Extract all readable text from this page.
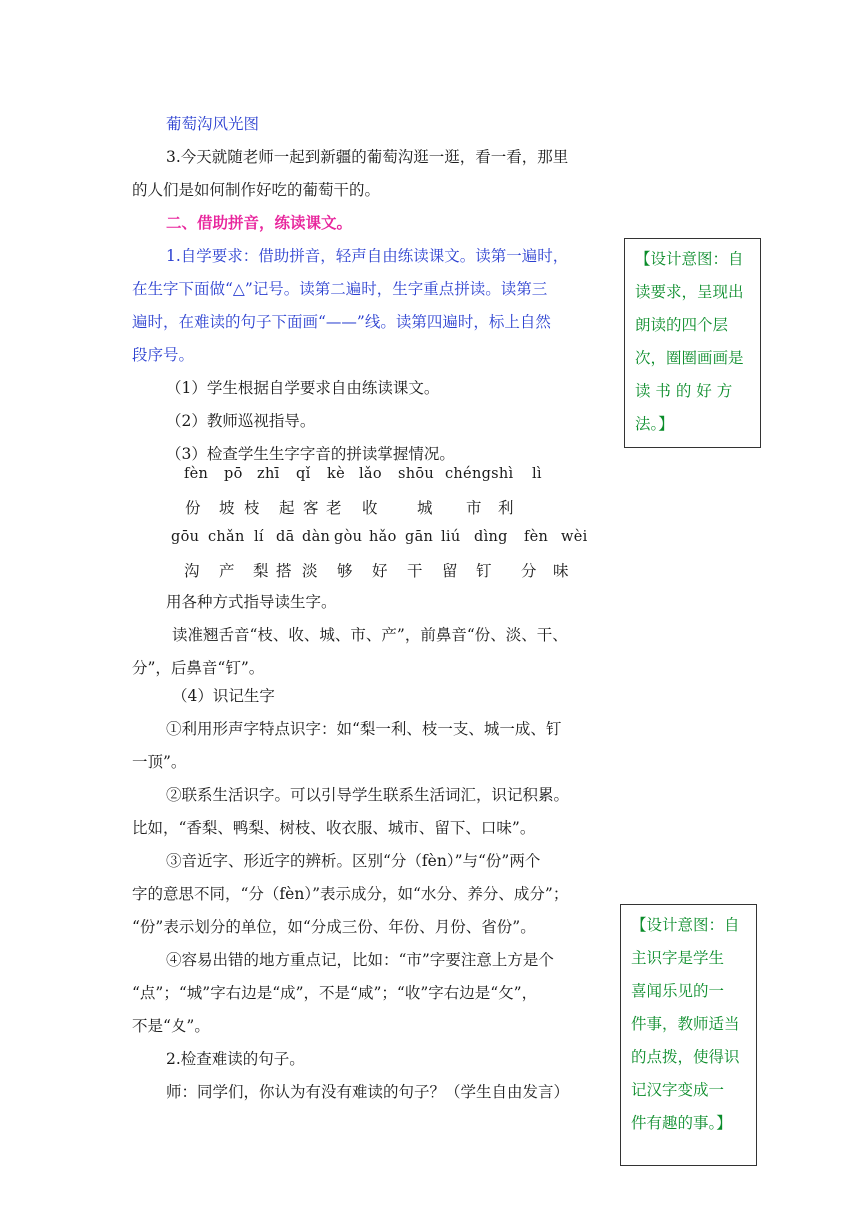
葡萄沟风光图
3.今天就随老师一起到新疆的葡萄沟逛一逛，看一看，那里
的人们是如何制作好吃的葡萄干的。
二、借助拼音，练读课文。
1.自学要求：借助拼音，轻声自由练读课文。读第一遍时，
在生字下面做“△”记号。读第二遍时，生字重点拼读。读第三
遍时，在难读的句子下面画“——”线。读第四遍时，标上自然
段序号。
（1）学生根据自学要求自由练读课文。
（2）教师巡视指导。
（3）检查学生生字字音的拼读掌握情况。
fèn pō zhī qǐ kè lǎo shōu chéngshì lì
份 坡 枝 起 客 老 收	城 市 利
gōu chǎn lí dā dàn gòu hǎo gān liú dìng fèn wèi
沟 产 梨 搭 淡 够 好 干 留 钉 分 味
用各种方式指导读生字。
读准翘舌音“枝、收、城、市、产”，前鼻音“份、淡、干、
分”，后鼻音“钉”。
（4）识记生字
①利用形声字特点识字：如“梨一利、枝一支、城一成、钉
一顶”。
②联系生活识字。可以引导学生联系生活词汇，识记积累。
比如，“香梨、鸭梨、树枝、收衣服、城市、留下、口味”。
③音近字、形近字的辨析。区别“分（fèn）”与“份”两个
字的意思不同，“分（fèn）”表示成分，如“水分、养分、成分”；
“份”表示划分的单位，如“分成三份、年份、月份、省份”。
④容易出错的地方重点记，比如：“市”字要注意上方是个
“点”；“城”字右边是“成”，不是“咸”；“收”字右边是“攵”，
不是“夊”。
2.检查难读的句子。
师：同学们，你认为有没有难读的句子？（学生自由发言）

【设计意图：自

读要求，呈现出

朗读的四个层

次，圈圈画画是

读 书 的 好 方

法。】

【设计意图：自

主识字是学生

喜闻乐见的一

件事，教师适当

的点拨，使得识

记汉字变成一

件有趣的事。】
